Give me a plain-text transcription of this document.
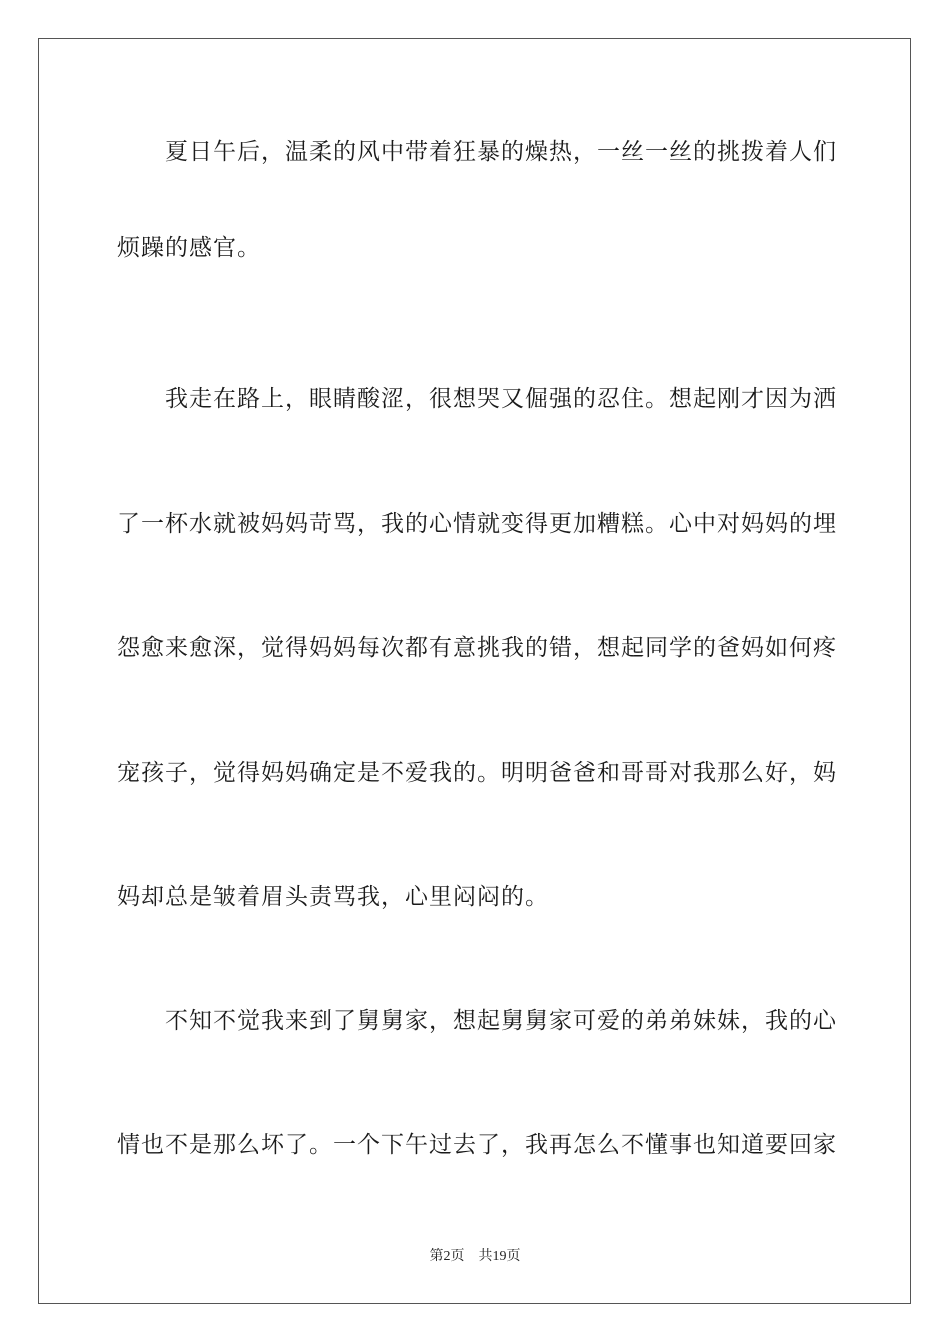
夏日午后，温柔的风中带着狂暴的燥热，一丝一丝的挑拨着人们
烦躁的感官。
我走在路上，眼睛酸涩，很想哭又倔强的忍住。想起刚才因为洒
了一杯水就被妈妈苛骂，我的心情就变得更加糟糕。心中对妈妈的埋
怨愈来愈深，觉得妈妈每次都有意挑我的错，想起同学的爸妈如何疼
宠孩子，觉得妈妈确定是不爱我的。明明爸爸和哥哥对我那么好，妈
妈却总是皱着眉头责骂我，心里闷闷的。
不知不觉我来到了舅舅家，想起舅舅家可爱的弟弟妹妹，我的心
情也不是那么坏了。一个下午过去了，我再怎么不懂事也知道要回家
第2页 共19页
